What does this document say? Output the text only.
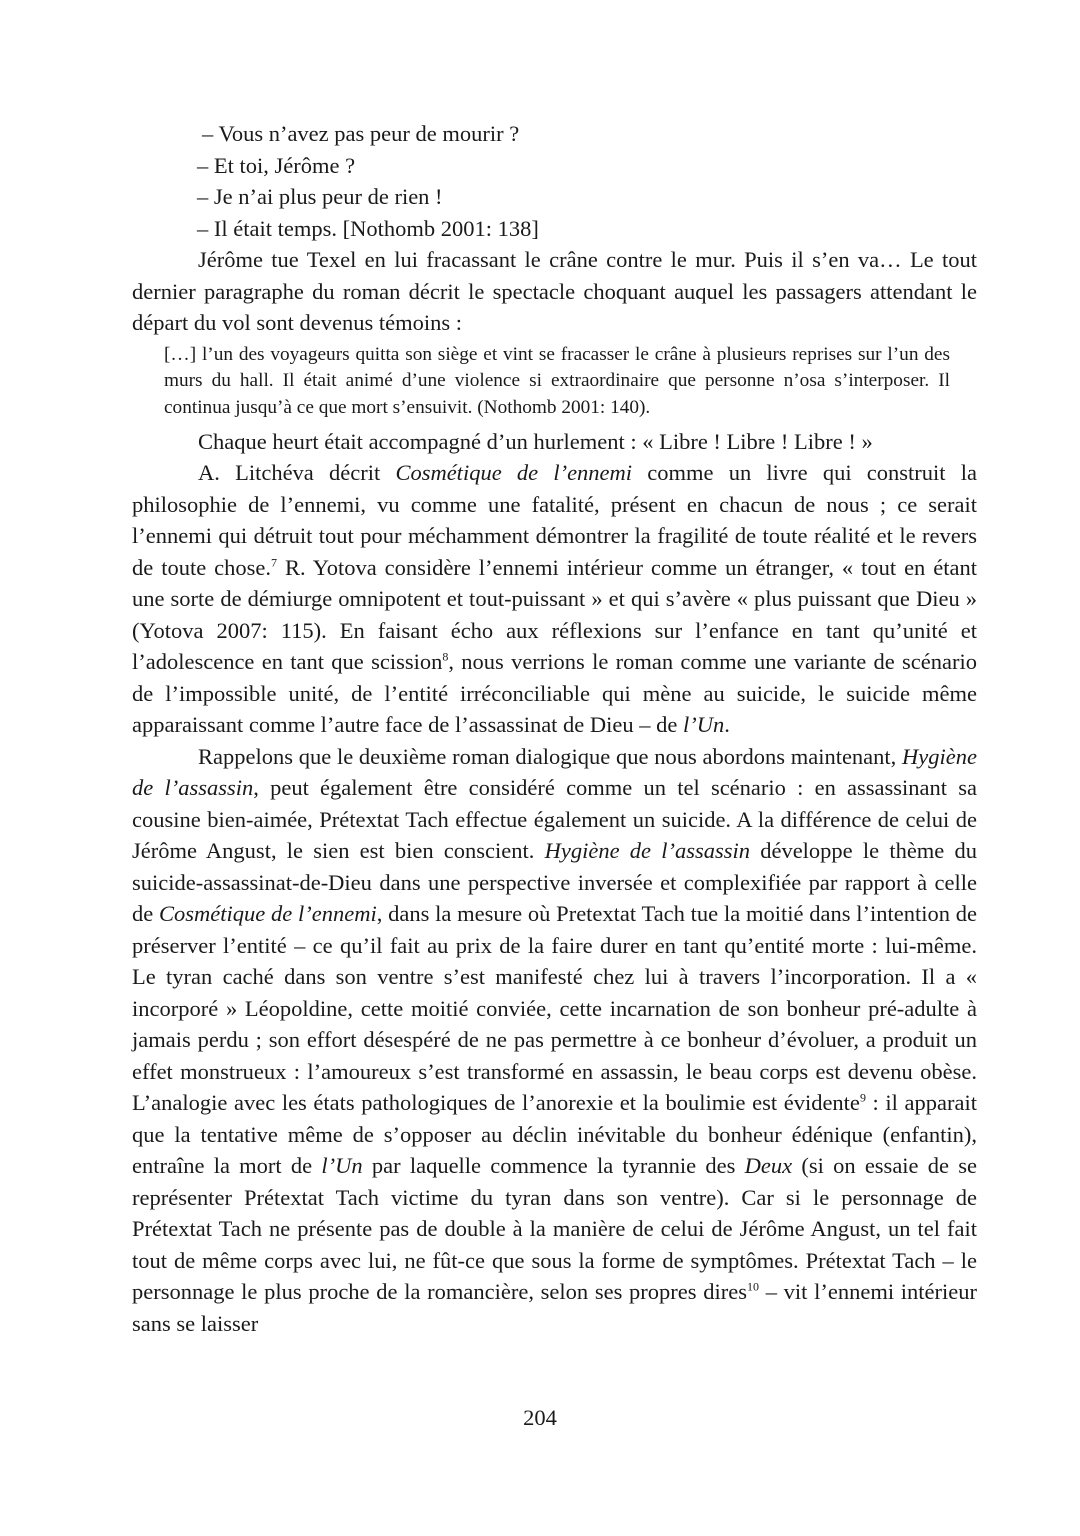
– Vous n’avez pas peur de mourir ?

– Et toi, Jérôme ?

– Je n’ai plus peur de rien !

– Il était temps. [Nothomb 2001: 138]

Jérôme tue Texel en lui fracassant le crâne contre le mur. Puis il s’en va… Le tout dernier paragraphe du roman décrit le spectacle choquant auquel les passagers attendant le départ du vol sont devenus témoins :

[…] l’un des voyageurs quitta son siège et vint se fracasser le crâne à plusieurs reprises sur l’un des murs du hall. Il était animé d’une violence si extraordinaire que personne n’osa s’interposer. Il continua jusqu’à ce que mort s’ensuivit. (Nothomb 2001: 140).

Chaque heurt était accompagné d’un hurlement : « Libre ! Libre ! Libre ! »

A. Litchéva décrit Cosmétique de l’ennemi comme un livre qui construit la philosophie de l’ennemi, vu comme une fatalité, présent en chacun de nous ; ce serait l’ennemi qui détruit tout pour méchamment démontrer la fragilité de toute réalité et le revers de toute chose.$^7$ R. Yotova considère l’ennemi intérieur comme un étranger, « tout en étant une sorte de démiurge omnipotent et tout-puissant » et qui s’avère « plus puissant que Dieu » (Yotova 2007: 115). En faisant écho aux réflexions sur l’enfance en tant qu’unité et l’adolescence en tant que scission$^8$, nous verrions le roman comme une variante de scénario de l’impossible unité, de l’entité irréconciliable qui mène au suicide, le suicide même apparaissant comme l’autre face de l’assassinat de Dieu – de l’Un.

Rappelons que le deuxième roman dialogique que nous abordons maintenant, Hygiène de l’assassin, peut également être considéré comme un tel scénario : en assassinant sa cousine bien-aimée, Prétextat Tach effectue également un suicide. A la différence de celui de Jérôme Angust, le sien est bien conscient. Hygiène de l’assassin développe le thème du suicide-assassinat-de-Dieu dans une perspective inversée et complexifiée par rapport à celle de Cosmétique de l’ennemi, dans la mesure où Pretextat Tach tue la moitié dans l’intention de préserver l’entité – ce qu’il fait au prix de la faire durer en tant qu’entité morte : lui-même. Le tyran caché dans son ventre s’est manifesté chez lui à travers l’incorporation. Il a « incorporé » Léopoldine, cette moitié conviée, cette incarnation de son bonheur pré-adulte à jamais perdu ; son effort désespéré de ne pas permettre à ce bonheur d’évoluer, a produit un effet monstrueux : l’amoureux s’est transformé en assassin, le beau corps est devenu obèse. L’analogie avec les états pathologiques de l’anorexie et la boulimie est évidente$^9$ : il apparait que la tentative même de s’opposer au déclin inévitable du bonheur édénique (enfantin), entraîne la mort de l’Un par laquelle commence la tyrannie des Deux (si on essaie de se représenter Prétextat Tach victime du tyran dans son ventre). Car si le personnage de Prétextat Tach ne présente pas de double à la manière de celui de Jérôme Angust, un tel fait tout de même corps avec lui, ne fût-ce que sous la forme de symptômes. Prétextat Tach – le personnage le plus proche de la romancière, selon ses propres dires$^{10}$ – vit l’ennemi intérieur sans se laisser

204
